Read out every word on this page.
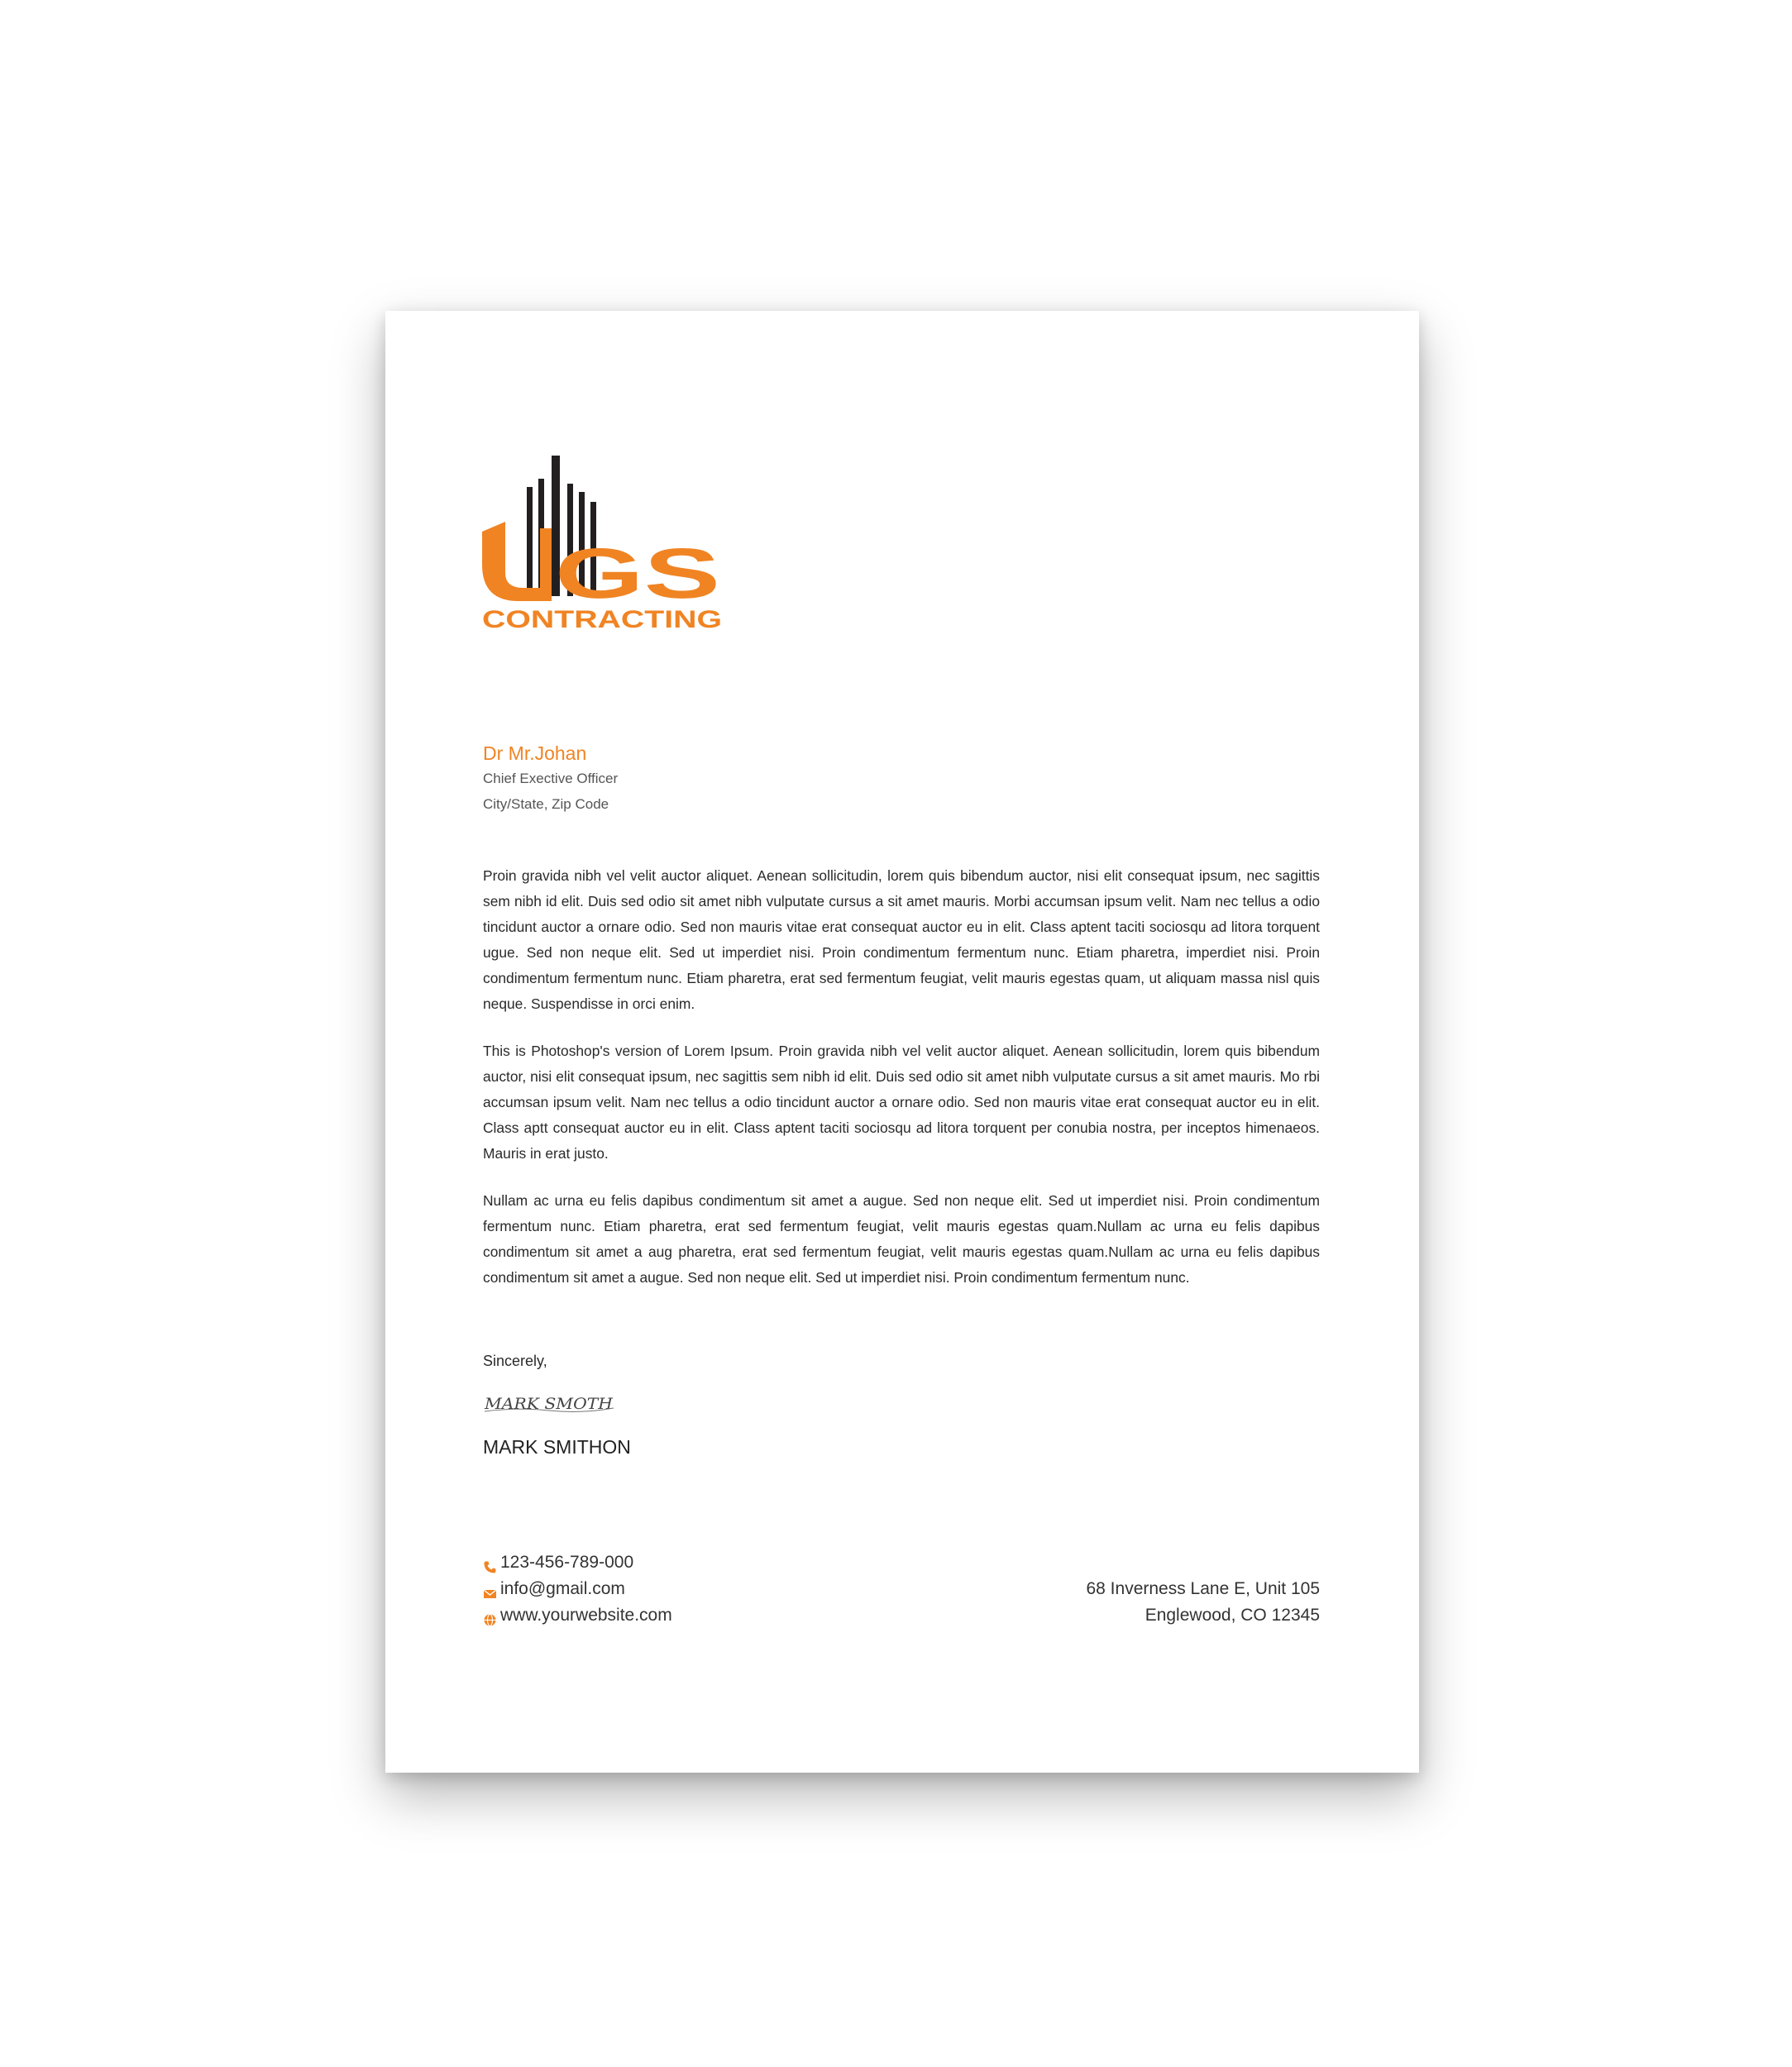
GS
CONTRACTING
Dr Mr.Johan
Chief Exective Officer
City/State, Zip Code

Proin gravida nibh vel velit auctor aliquet. Aenean sollicitudin, lorem quis bibendum auctor, nisi elit consequat ipsum, nec sagittis sem nibh id elit. Duis sed odio sit amet nibh vulputate cursus a sit amet mauris. Morbi accumsan ipsum velit. Nam nec tellus a odio tincidunt auctor a ornare odio. Sed non mauris vitae erat consequat auctor eu in elit. Class aptent taciti sociosqu ad litora torquent ugue. Sed non neque elit. Sed ut imperdiet nisi. Proin condimentum fermentum nunc. Etiam pharetra, imperdiet nisi. Proin condimentum fermentum nunc. Etiam pharetra, erat sed fermentum feugiat, velit mauris egestas quam, ut aliquam massa nisl quis neque. Suspendisse in orci enim.

This is Photoshop's version of Lorem Ipsum. Proin gravida nibh vel velit auctor aliquet. Aenean sollicitudin, lorem quis bibendum auctor, nisi elit consequat ipsum, nec sagittis sem nibh id elit. Duis sed odio sit amet nibh vulputate cursus a sit amet mauris. Mo rbi accumsan ipsum velit. Nam nec tellus a odio tincidunt auctor a ornare odio. Sed non mauris vitae erat consequat auctor eu in elit. Class aptt consequat auctor eu in elit. Class aptent taciti sociosqu ad litora torquent per conubia nostra, per inceptos himenaeos. Mauris in erat justo.

Nullam ac urna eu felis dapibus condimentum sit amet a augue. Sed non neque elit. Sed ut imperdiet nisi. Proin condimentum fermentum nunc. Etiam pharetra, erat sed fermentum feugiat, velit mauris egestas quam.Nullam ac urna eu felis dapibus condimentum sit amet a aug pharetra, erat sed fermentum feugiat, velit mauris egestas quam.Nullam ac urna eu felis dapibus condimentum sit amet a augue. Sed non neque elit. Sed ut imperdiet nisi. Proin condimentum fermentum nunc.

Sincerely,
MARK SMOTH
MARK SMITHON
123-456-789-000
info@gmail.com
www.yourwebsite.com
68 Inverness Lane E, Unit 105
Englewood, CO 12345
